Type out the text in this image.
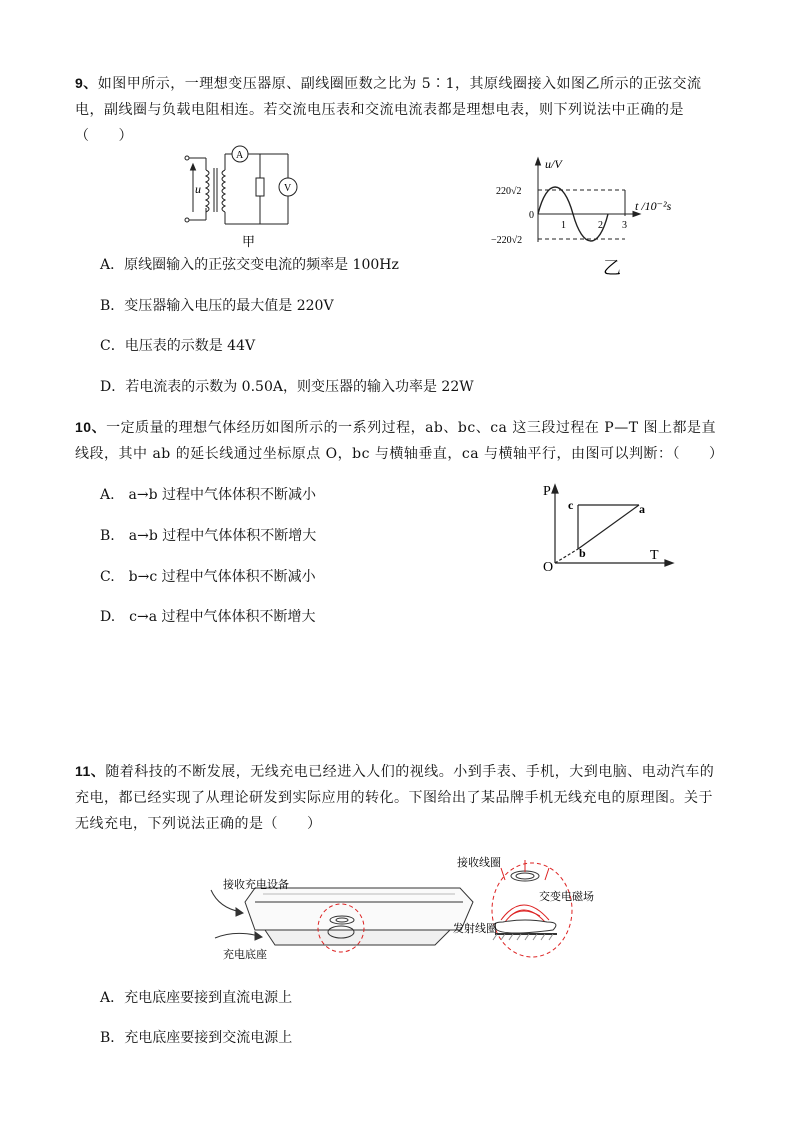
9、如图甲所示，一理想变压器原、副线圈匝数之比为 5∶1，其原线圈接入如图乙所示的正弦交流电，副线圈与负载电阻相连。若交流电压表和交流电流表都是理想电表，则下列说法中正确的是（　　）
u
A
V
甲
u/V
t /10⁻²s
220√2
−220√2
0
1	2 3
乙
A．原线圈输入的正弦交变电流的频率是 100Hz
B．变压器输入电压的最大值是 220V
C．电压表的示数是 44V
D．若电流表的示数为 0.50A，则变压器的输入功率是 22W
10、一定质量的理想气体经历如图所示的一系列过程，ab、bc、ca 这三段过程在 P—T 图上都是直线段，其中 ab 的延长线通过坐标原点 O，bc 与横轴垂直，ca 与横轴平行，由图可以判断：（　　）
P
T
O
c	a
b
A.　a→b 过程中气体体积不断减小
B.　a→b 过程中气体体积不断增大
C.　b→c 过程中气体体积不断减小
D.　c→a 过程中气体体积不断增大
11、随着科技的不断发展，无线充电已经进入人们的视线。小到手表、手机，大到电脑、电动汽车的充电，都已经实现了从理论研发到实际应用的转化。下图给出了某品牌手机无线充电的原理图。关于无线充电，下列说法正确的是（　　）
接收充电设备
充电底座
接收线圈
交变电磁场
发射线圈
A．充电底座要接到直流电源上
B．充电底座要接到交流电源上
